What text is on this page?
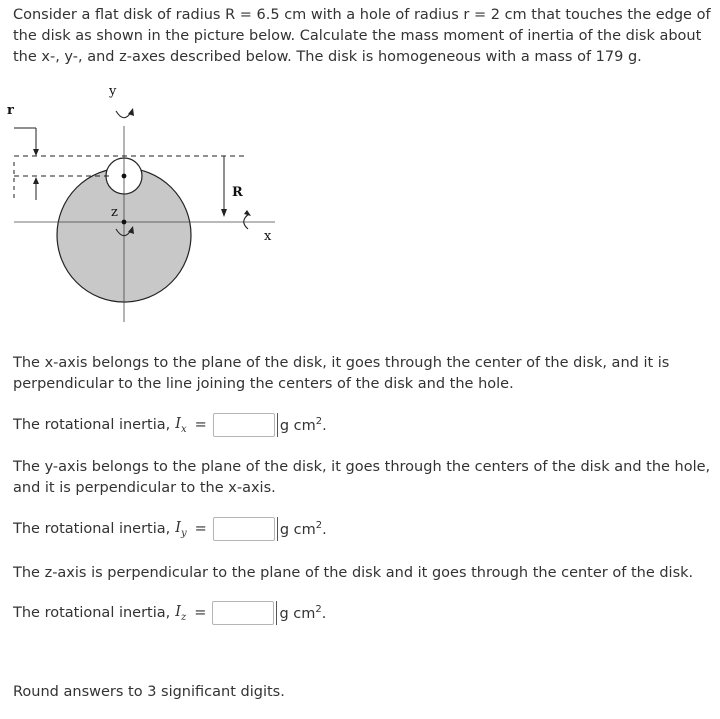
Consider a flat disk of radius R = 6.5 cm with a hole of radius r = 2 cm that touches the edge of the disk as shown in the picture below. Calculate the mass moment of inertia of the disk about the x-, y-, and z-axes described below. The disk is homogeneous with a mass of 179 g.

y
r
R
z
x

The x-axis belongs to the plane of the disk, it goes through the center of the disk, and it is perpendicular to the line joining the centers of the disk and the hole.

The rotational inertia, $I_x$ =	g $cm^2$.

The y-axis belongs to the plane of the disk, it goes through the centers of the disk and the hole, and it is perpendicular to the x-axis.

The rotational inertia, $I_y$ =	g $cm^2$.

The z-axis is perpendicular to the plane of the disk and it goes through the center of the disk.

The rotational inertia, $I_z$ =	g $cm^2$.

Round answers to 3 significant digits.
